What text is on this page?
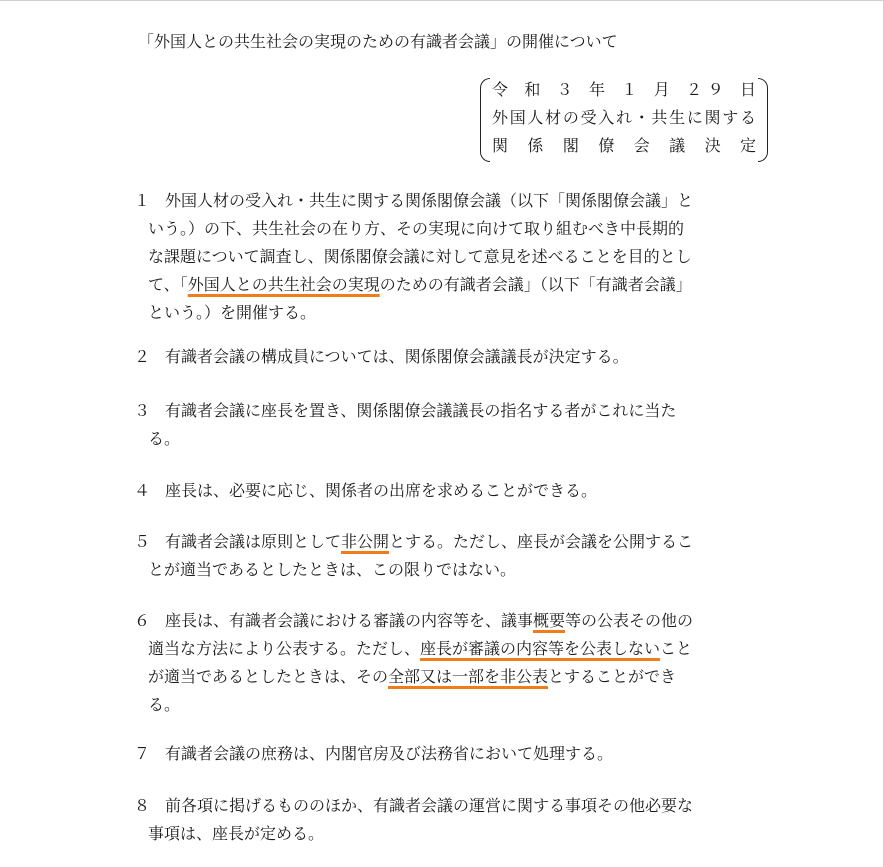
「外国人との共生社会の実現のための有識者会議」の開催について
令 和 ３ 年 １ 月 ２９ 日
外国人材の受入れ・共生に関する
関 係 閣 僚 会 議 決 定
１ 外国人材の受入れ・共生に関する関係閣僚会議（以下「関係閣僚会議」と
いう。）の下、共生社会の在り方、その実現に向けて取り組むべき中長期的
な課題について調査し、関係閣僚会議に対して意見を述べることを目的とし
て、「外国人との共生社会の実現のための有識者会議」（以下「有識者会議」
という。）を開催する。
２ 有識者会議の構成員については、関係閣僚会議議長が決定する。
３ 有識者会議に座長を置き、関係閣僚会議議長の指名する者がこれに当た
る。
４ 座長は、必要に応じ、関係者の出席を求めることができる。
５ 有識者会議は原則として非公開とする。ただし、座長が会議を公開するこ
とが適当であるとしたときは、この限りではない。
６ 座長は、有識者会議における審議の内容等を、議事概要等の公表その他の
適当な方法により公表する。ただし、座長が審議の内容等を公表しないこと
が適当であるとしたときは、その全部又は一部を非公表とすることができ
る。
７ 有識者会議の庶務は、内閣官房及び法務省において処理する。
８ 前各項に掲げるもののほか、有識者会議の運営に関する事項その他必要な
事項は、座長が定める。
